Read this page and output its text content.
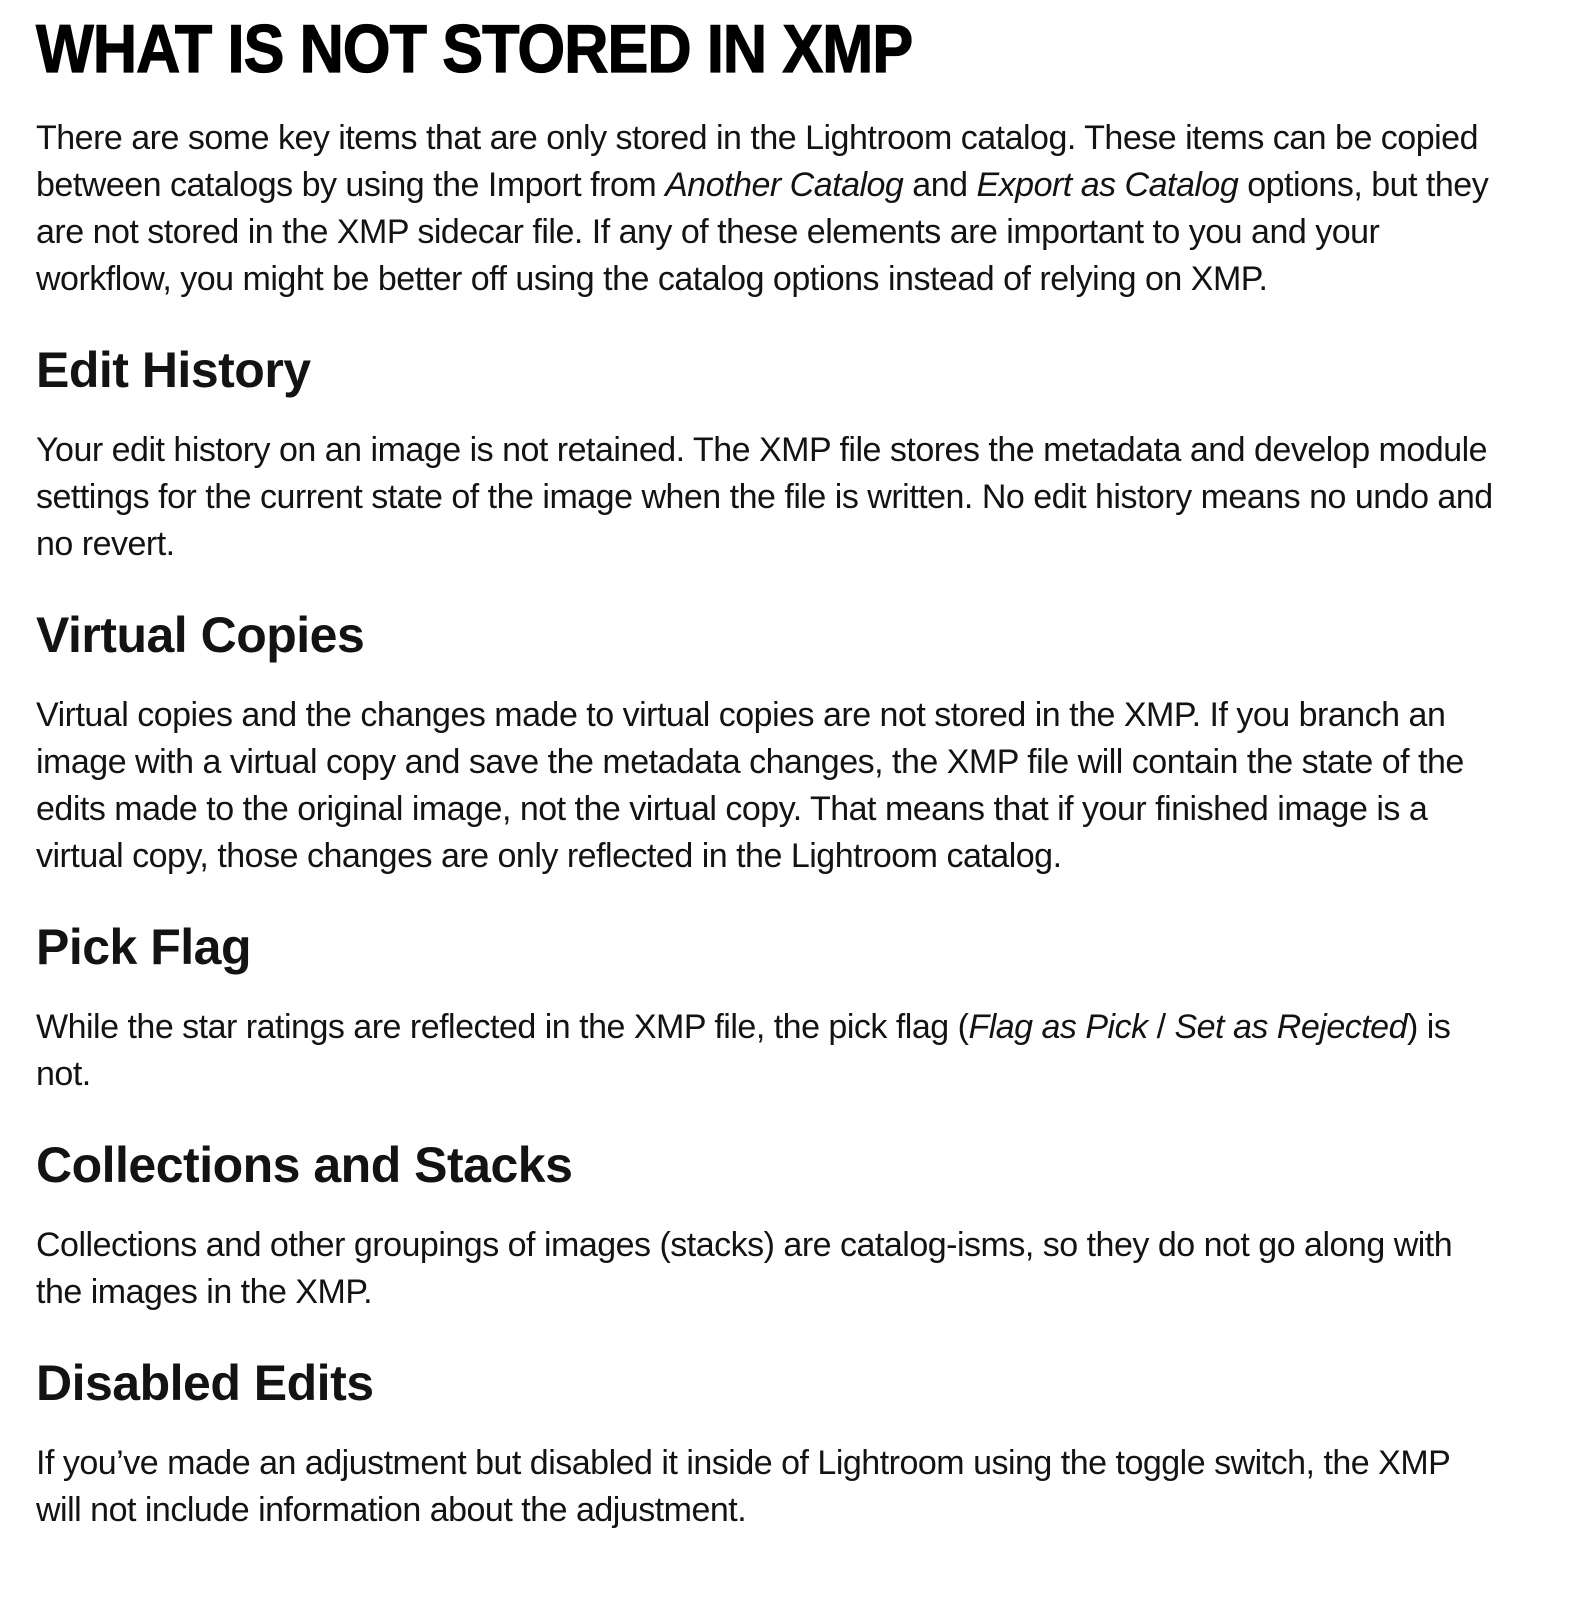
WHAT IS NOT STORED IN XMP

There are some key items that are only stored in the Lightroom catalog. These items can be copied between catalogs by using the Import from Another Catalog and Export as Catalog options, but they are not stored in the XMP sidecar file. If any of these elements are important to you and your workflow, you might be better off using the catalog options instead of relying on XMP.

Edit History

Your edit history on an image is not retained. The XMP file stores the metadata and develop module settings for the current state of the image when the file is written. No edit history means no undo and no revert.

Virtual Copies

Virtual copies and the changes made to virtual copies are not stored in the XMP. If you branch an image with a virtual copy and save the metadata changes, the XMP file will contain the state of the edits made to the original image, not the virtual copy. That means that if your finished image is a virtual copy, those changes are only reflected in the Lightroom catalog.

Pick Flag

While the star ratings are reflected in the XMP file, the pick flag (Flag as Pick / Set as Rejected) is not.

Collections and Stacks

Collections and other groupings of images (stacks) are catalog-isms, so they do not go along with the images in the XMP.

Disabled Edits

If you’ve made an adjustment but disabled it inside of Lightroom using the toggle switch, the XMP will not include information about the adjustment.
